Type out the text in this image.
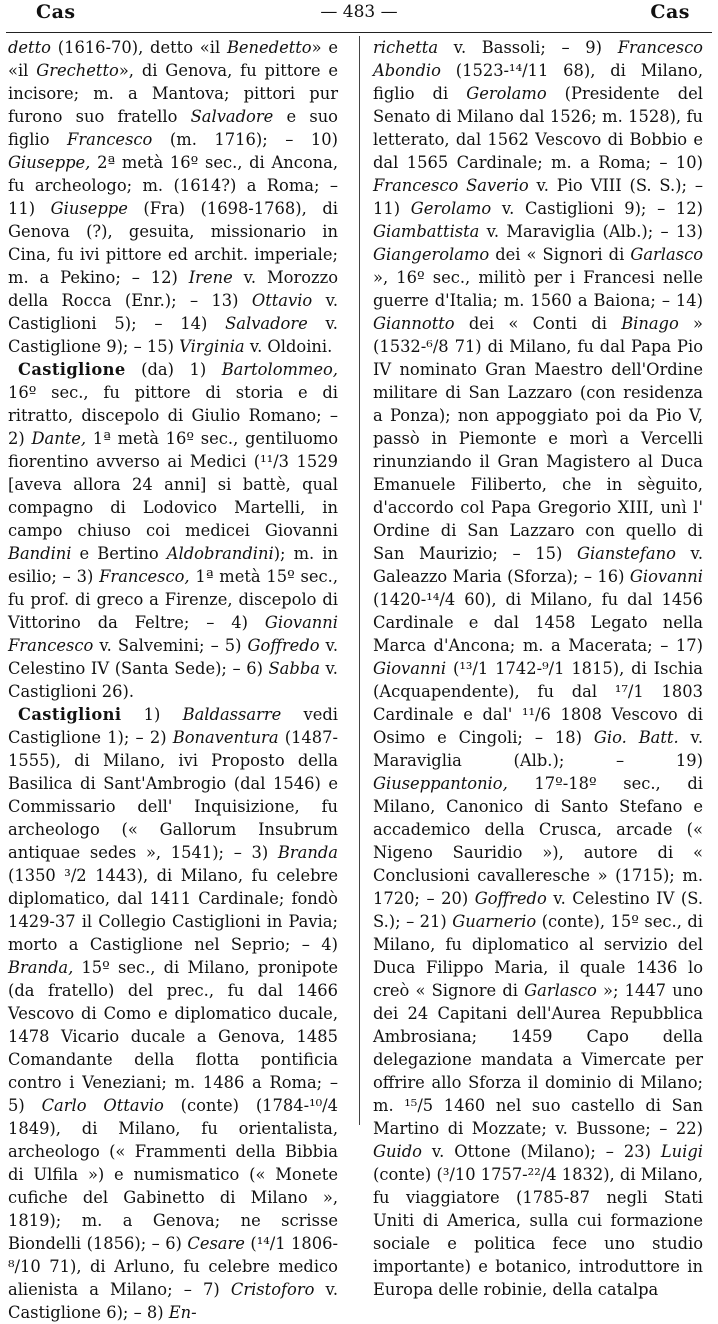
Cas	— 483 —	Cas

detto (1616-70), detto «il Benedetto» e «il Grechetto», di Genova, fu pittore e incisore; m. a Mantova; pittori pur furono suo fratello Salvadore e suo figlio Francesco (m. 1716); – 10) Giuseppe, 2ª metà 16º sec., di Ancona, fu archeologo; m. (1614?) a Roma; – 11) Giuseppe (Fra) (1698-1768), di Genova (?), gesuita, missionario in Cina, fu ivi pittore ed archit. imperiale; m. a Pekino; – 12) Irene v. Morozzo della Rocca (Enr.); – 13) Ottavio v. Castiglioni 5); – 14) Salvadore v. Castiglione 9); – 15) Virginia v. Oldoini.

Castiglione (da) 1) Bartolommeo, 16º sec., fu pittore di storia e di ritratto, discepolo di Giulio Romano; – 2) Dante, 1ª metà 16º sec., gentiluomo fiorentino avverso ai Medici (¹¹/3 1529 [aveva allora 24 anni] si battè, qual compagno di Lodovico Martelli, in campo chiuso coi medicei Giovanni Bandini e Bertino Aldobrandini); m. in esilio; – 3) Francesco, 1ª metà 15º sec., fu prof. di greco a Firenze, discepolo di Vittorino da Feltre; – 4) Giovanni Francesco v. Salvemini; – 5) Goffredo v. Celestino IV (Santa Sede); – 6) Sabba v. Castiglioni 26).

Castiglioni 1) Baldassarre vedi Castiglione 1); – 2) Bonaventura (1487-1555), di Milano, ivi Proposto della Basilica di Sant'Ambrogio (dal 1546) e Commissario dell' Inquisizione, fu archeologo (« Gallorum Insubrum antiquae sedes », 1541); – 3) Branda (1350 ³/2 1443), di Milano, fu celebre diplomatico, dal 1411 Cardinale; fondò 1429-37 il Collegio Castiglioni in Pavia; morto a Castiglione nel Seprio; – 4) Branda, 15º sec., di Milano, pronipote (da fratello) del prec., fu dal 1466 Vescovo di Como e diplomatico ducale, 1478 Vicario ducale a Genova, 1485 Comandante della flotta pontificia contro i Veneziani; m. 1486 a Roma; – 5) Carlo Ottavio (conte) (1784-¹⁰/4 1849), di Milano, fu orientalista, archeologo (« Frammenti della Bibbia di Ulfila ») e numismatico (« Monete cufiche del Gabinetto di Milano », 1819); m. a Genova; ne scrisse Biondelli (1856); – 6) Cesare (¹⁴/1 1806-⁸/10 71), di Arluno, fu celebre medico alienista a Milano; – 7) Cristoforo v. Castiglione 6); – 8) En-

richetta v. Bassoli; – 9) Francesco Abondio (1523-¹⁴/11 68), di Milano, figlio di Gerolamo (Presidente del Senato di Milano dal 1526; m. 1528), fu letterato, dal 1562 Vescovo di Bobbio e dal 1565 Cardinale; m. a Roma; – 10) Francesco Saverio v. Pio VIII (S. S.); – 11) Gerolamo v. Castiglioni 9); – 12) Giambattista v. Maraviglia (Alb.); – 13) Giangerolamo dei « Signori di Garlasco », 16º sec., militò per i Francesi nelle guerre d'Italia; m. 1560 a Baiona; – 14) Giannotto dei « Conti di Binago » (1532-⁶/8 71) di Milano, fu dal Papa Pio IV nominato Gran Maestro dell'Ordine militare di San Lazzaro (con residenza a Ponza); non appoggiato poi da Pio V, passò in Piemonte e morì a Vercelli rinunziando il Gran Magistero al Duca Emanuele Filiberto, che in sèguito, d'accordo col Papa Gregorio XIII, unì l' Ordine di San Lazzaro con quello di San Maurizio; – 15) Gianstefano v. Galeazzo Maria (Sforza); – 16) Giovanni (1420-¹⁴/4 60), di Milano, fu dal 1456 Cardinale e dal 1458 Legato nella Marca d'Ancona; m. a Macerata; – 17) Giovanni (¹³/1 1742-⁹/1 1815), di Ischia (Acquapendente), fu dal ¹⁷/1 1803 Cardinale e dal' ¹¹/6 1808 Vescovo di Osimo e Cingoli; – 18) Gio. Batt. v. Maraviglia (Alb.); – 19) Giuseppantonio, 17º-18º sec., di Milano, Canonico di Santo Stefano e accademico della Crusca, arcade (« Nigeno Sauridio »), autore di « Conclusioni cavalleresche » (1715); m. 1720; – 20) Goffredo v. Celestino IV (S. S.); – 21) Guarnerio (conte), 15º sec., di Milano, fu diplomatico al servizio del Duca Filippo Maria, il quale 1436 lo creò « Signore di Garlasco »; 1447 uno dei 24 Capitani dell'Aurea Repubblica Ambrosiana; 1459 Capo della delegazione mandata a Vimercate per offrire allo Sforza il dominio di Milano; m. ¹⁵/5 1460 nel suo castello di San Martino di Mozzate; v. Bussone; – 22) Guido v. Ottone (Milano); – 23) Luigi (conte) (³/10 1757-²²/4 1832), di Milano, fu viaggiatore (1785-87 negli Stati Uniti di America, sulla cui formazione sociale e politica fece uno studio importante) e botanico, introduttore in Europa delle robinie, della catalpa
